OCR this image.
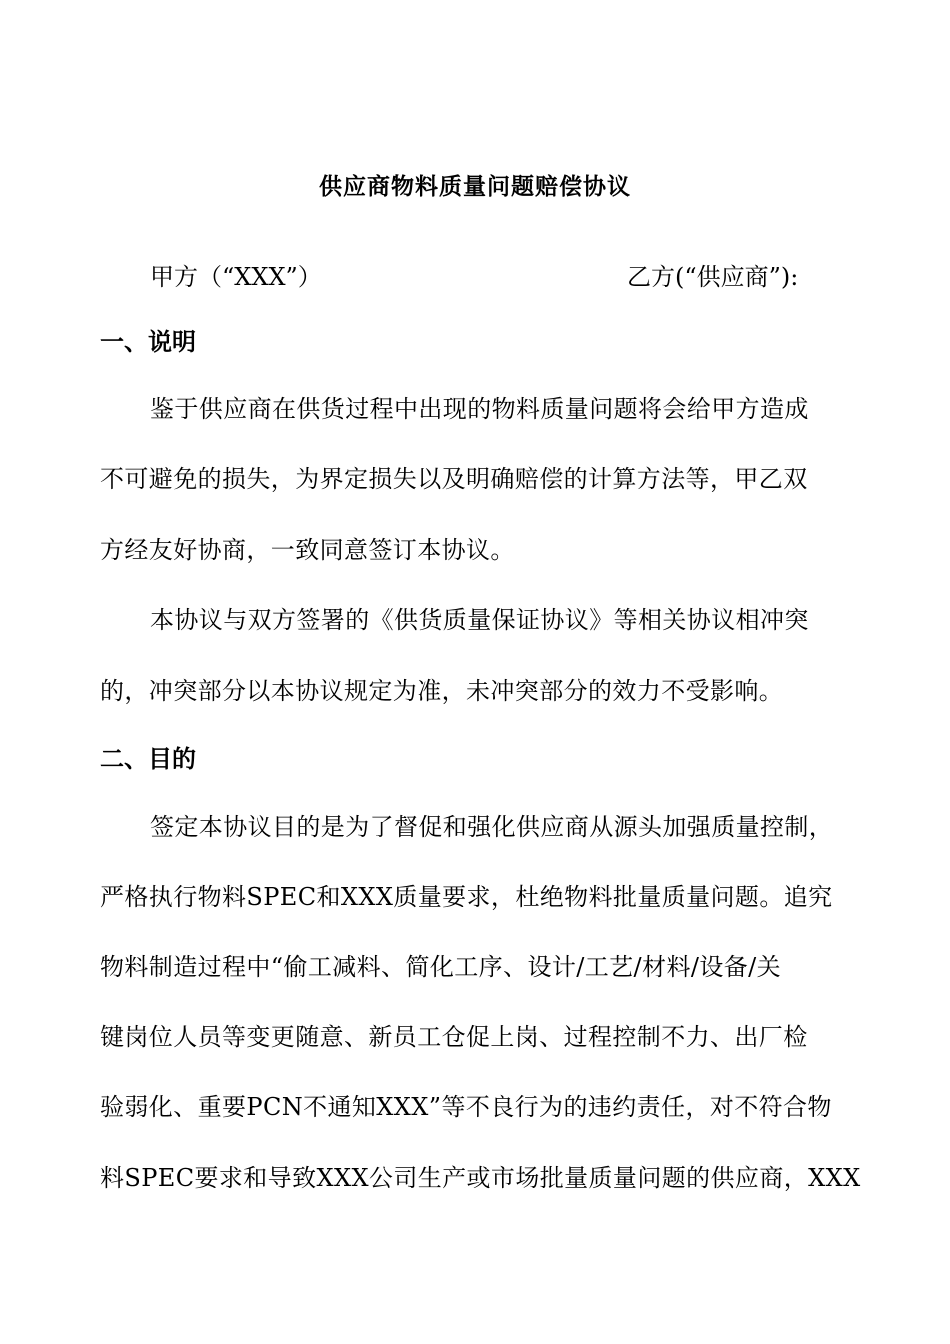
供应商物料质量问题赔偿协议
甲方（“XXX”）	乙方(“供应商”):
一、说明
鉴于供应商在供货过程中出现的物料质量问题将会给甲方造成
不可避免的损失，为界定损失以及明确赔偿的计算方法等，甲乙双
方经友好协商，一致同意签订本协议。
本协议与双方签署的《供货质量保证协议》等相关协议相冲突
的，冲突部分以本协议规定为准，未冲突部分的效力不受影响。
二、目的
签定本协议目的是为了督促和强化供应商从源头加强质量控制，
严格执行物料SPEC和XXX质量要求，杜绝物料批量质量问题。追究
物料制造过程中“偷工减料、简化工序、设计/工艺/材料/设备/关
键岗位人员等变更随意、新员工仓促上岗、过程控制不力、出厂检
验弱化、重要PCN不通知XXX”等不良行为的违约责任，对不符合物
料SPEC要求和导致XXX公司生产或市场批量质量问题的供应商，XXX
